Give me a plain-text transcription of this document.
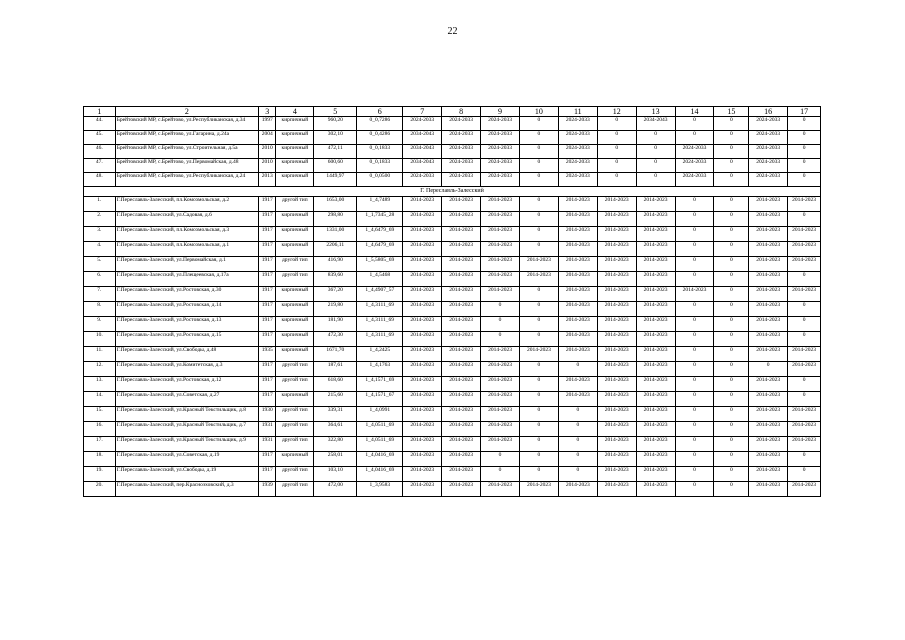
22
1	2	3	4	5	6	7	8	9	10	11	12	13	14	15	16	17
44.	Брейтовский МР, с.Брейтово, ул.Республиканская, д.34	1997	кирпичный	960,20	0_0,7286	2024-2033	2024-2033	2024-2033	0	2024-2033	0	2034-2043	0	0	2024-2033	0
45.	Брейтовский МР, с.Брейтово, ул.Гагарина, д.24а	2004	кирпичный	302,10	0_0,4286	2034-2043	2024-2033	2024-2033	0	2024-2033	0	0	0	0	2024-2033	0
46.	Брейтовский МР, с.Брейтово, ул.Строительная, д.5а	2010	кирпичный	472,11	0_0,1833	2034-2043	2024-2033	2024-2033	0	2024-2033	0	0	2024-2033	0	2024-2033	0
47.	Брейтовский МР, с.Брейтово, ул.Первомайская, д.48	2010	кирпичный	600,60	0_0,1833	2034-2043	2024-2033	2024-2033	0	2024-2033	0	0	2024-2033	0	2024-2033	0
48.	Брейтовский МР, с.Брейтово, ул.Республиканская, д.24	2013	кирпичный	1449,97	0_0,0500	2024-2033	2024-2033	2024-2033	0	2024-2033	0	0	2024-2033	0	2024-2033	0
Г. Переславль-Залесский																
1.	Г.Переславль-Залесский, пл.Комсомольская, д.2	1917	другой тип	1653,00	1_4,7489	2014-2023	2014-2023	2014-2023	0	2014-2023	2014-2023	2014-2023	0	0	2014-2023	2014-2023
2.	Г.Переславль-Залесский, ул.Садовая, д.6	1917	кирпичный	298,80	1_1,7345_28	2014-2023	2014-2023	2014-2023	0	2014-2023	2014-2023	2014-2023	0	0	2014-2023	0
3.	Г.Переславль-Залесский, пл.Комсомольская, д.3	1917	кирпичный	1331,00	1_4,6479_69	2014-2023	2014-2023	2014-2023	0	2014-2023	2014-2023	2014-2023	0	0	2014-2023	2014-2023
4.	Г.Переславль-Залесский, пл.Комсомольская, д.1	1917	кирпичный	2206,11	1_4,6479_69	2014-2023	2014-2023	2014-2023	0	2014-2023	2014-2023	2014-2023	0	0	2014-2023	2014-2023
5.	Г.Переславль-Залесский, ул.Первомайская, д.1	1917	другой тип	416,90	1_5,5805_69	2014-2023	2014-2023	2014-2023	2014-2023	2014-2023	2014-2023	2014-2023	0	0	2014-2023	2014-2023
6.	Г.Переславль-Залесский, ул.Плещеевская, д.17а	1917	другой тип	839,60	1_4,5468	2014-2023	2014-2023	2014-2023	2014-2023	2014-2023	2014-2023	2014-2023	0	0	2014-2023	0
7.	Г.Переславль-Залесский, ул.Ростовская, д.30	1917	кирпичный	367,20	1_4,4907_57	2014-2023	2014-2023	2014-2023	0	2014-2023	2014-2023	2014-2023	2014-2023	0	2014-2023	2014-2023
8.	Г.Переславль-Залесский, ул.Ростовская, д.14	1917	кирпичный	219,80	1_4,3111_69	2014-2023	2014-2023	0	0	2014-2023	2014-2023	2014-2023	0	0	2014-2023	0
9.	Г.Переславль-Залесский, ул.Ростовская, д.13	1917	кирпичный	181,90	1_4,3111_69	2014-2023	2014-2023	0	0	2014-2023	2014-2023	2014-2023	0	0	2014-2023	0
10.	Г.Переславль-Залесский, ул.Ростовская, д.15	1917	кирпичный	472,30	1_4,3111_69	2014-2023	2014-2023	0	0	2014-2023	2014-2023	2014-2023	0	0	2014-2023	0
11.	Г.Переславль-Залесский, ул.Свободы, д.48	1935	кирпичный	1671,70	1_4,2425	2014-2023	2014-2023	2014-2023	2014-2023	2014-2023	2014-2023	2014-2023	0	0	2014-2023	2014-2023
12.	Г.Переславль-Залесский, ул.Комитетская, д.3	1917	другой тип	187,61	1_4,1763	2014-2023	2014-2023	2014-2023	0	0	2014-2023	2014-2023	0	0	0	2014-2023
13.	Г.Переславль-Залесский, ул.Ростовская, д.12	1917	другой тип	618,60	1_4,1571_69	2014-2023	2014-2023	2014-2023	0	2014-2023	2014-2023	2014-2023	0	0	2014-2023	0
14.	Г.Переславль-Залесский, ул.Советская, д.27	1917	кирпичный	215,60	1_4,1571_67	2014-2023	2014-2023	2014-2023	0	2014-2023	2014-2023	2014-2023	0	0	2014-2023	0
15.	Г.Переславль-Залесский, ул.Красный Текстильщик, д.8	1930	другой тип	339,31	1_4,0991	2014-2023	2014-2023	2014-2023	0	0	2014-2023	2014-2023	0	0	2014-2023	2014-2023
16.	Г.Переславль-Залесский, ул.Красный Текстильщик, д.7	1931	другой тип	364,61	1_4,0511_69	2014-2023	2014-2023	2014-2023	0	0	2014-2023	2014-2023	0	0	2014-2023	2014-2023
17.	Г.Переславль-Залесский, ул.Красный Текстильщик, д.9	1931	другой тип	322,80	1_4,0511_69	2014-2023	2014-2023	2014-2023	0	0	2014-2023	2014-2023	0	0	2014-2023	2014-2023
18.	Г.Переславль-Залесский, ул.Советская, д.19	1917	кирпичный	258,01	1_4,0416_69	2014-2023	2014-2023	0	0	0	2014-2023	2014-2023	0	0	2014-2023	0
19.	Г.Переславль-Залесский, ул.Свободы, д.19	1917	другой тип	103,10	1_4,0416_69	2014-2023	2014-2023	0	0	0	2014-2023	2014-2023	0	0	2014-2023	0
20.	Г.Переславль-Залесский, пер.Красноэховский, д.3	1939	другой тип	472,00	1_3,9583	2014-2023	2014-2023	2014-2023	2014-2023	2014-2023	2014-2023	2014-2023	0	0	2014-2023	2014-2023
